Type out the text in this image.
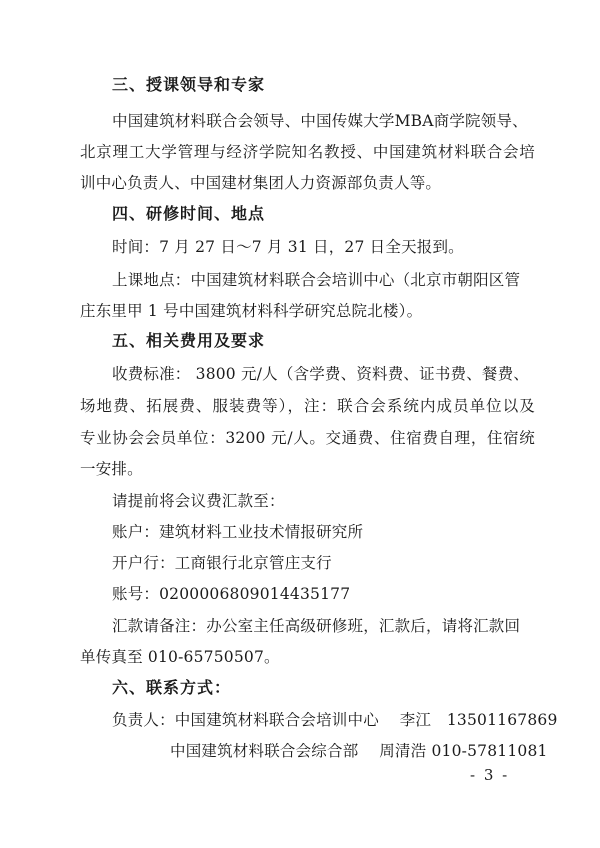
三、授课领导和专家
中国建筑材料联合会领导、中国传媒大学MBA商学院领导、
北京理工大学管理与经济学院知名教授、中国建筑材料联合会培
训中心负责人、中国建材集团人力资源部负责人等。
四、研修时间、地点
时间：7 月 27 日～7 月 31 日，27 日全天报到。
上课地点：中国建筑材料联合会培训中心（北京市朝阳区管
庄东里甲 1 号中国建筑材料科学研究总院北楼）。
五、相关费用及要求
收费标准： 3800 元/人（含学费、资料费、证书费、餐费、
场地费、拓展费、服装费等），注：联合会系统内成员单位以及
专业协会会员单位：3200 元/人。交通费、住宿费自理，住宿统
一安排。
请提前将会议费汇款至：
账户：建筑材料工业技术情报研究所
开户行：工商银行北京管庄支行
账号：0200006809014435177
汇款请备注：办公室主任高级研修班，汇款后，请将汇款回
单传真至 010-65750507。
六、联系方式：
负责人：中国建筑材料联合会培训中心　 李江　13501167869
中国建筑材料联合会综合部　 周清浩 010-57811081
- 3 -
